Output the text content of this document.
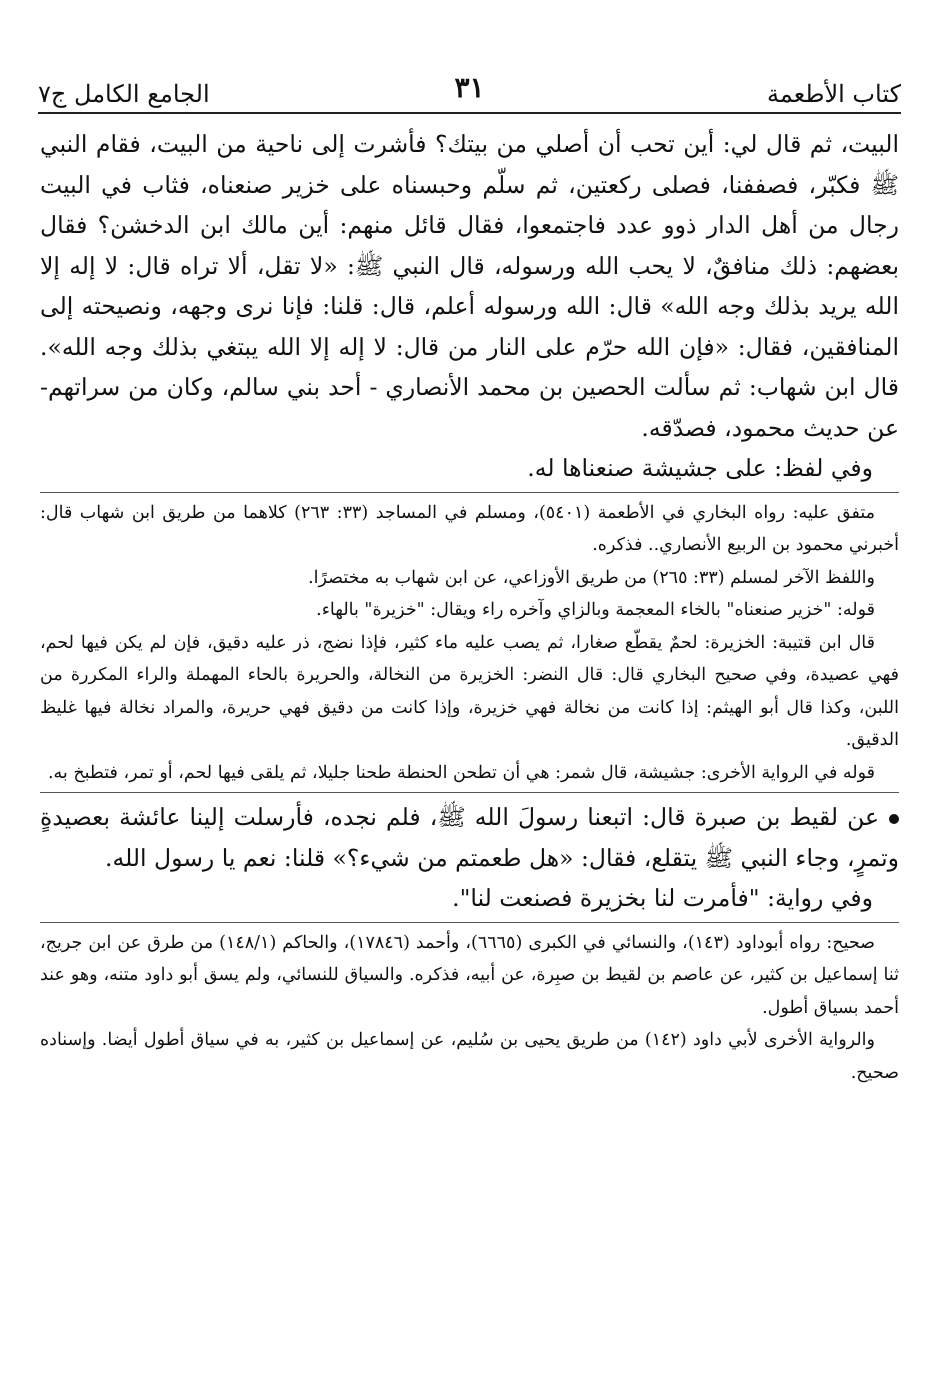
كتاب الأطعمة
٣١
الجامع الكامل ج٧

البيت، ثم قال لي: أين تحب أن أصلي من بيتك؟ فأشرت إلى ناحية من البيت، فقام النبي ﷺ فكبّر، فصففنا، فصلى ركعتين، ثم سلّم وحبسناه على خزير صنعناه، فثاب في البيت رجال من أهل الدار ذوو عدد فاجتمعوا، فقال قائل منهم: أين مالك ابن الدخشن؟ فقال بعضهم: ذلك منافقٌ، لا يحب الله ورسوله، قال النبي ﷺ: «لا تقل، ألا تراه قال: لا إله إلا الله يريد بذلك وجه الله» قال: الله ورسوله أعلم، قال: قلنا: فإنا نرى وجهه، ونصيحته إلى المنافقين، فقال: «فإن الله حرّم على النار من قال: لا إله إلا الله يبتغي بذلك وجه الله». قال ابن شهاب: ثم سألت الحصين بن محمد الأنصاري - أحد بني سالم، وكان من سراتهم- عن حديث محمود، فصدّقه.

وفي لفظ: على جشيشة صنعناها له.

متفق عليه: رواه البخاري في الأطعمة (٥٤٠١)، ومسلم في المساجد (٣٣: ٢٦٣) كلاهما من طريق ابن شهاب قال: أخبرني محمود بن الربيع الأنصاري.. فذكره.

واللفظ الآخر لمسلم (٣٣: ٢٦٥) من طريق الأوزاعي، عن ابن شهاب به مختصرًا.

قوله: "خزير صنعناه" بالخاء المعجمة وبالزاي وآخره راء ويقال: "خزيرة" بالهاء.

قال ابن قتيبة: الخزيرة: لحمٌ يقطّع صغارا، ثم يصب عليه ماء كثير، فإذا نضج، ذر عليه دقيق، فإن لم يكن فيها لحم، فهي عصيدة، وفي صحيح البخاري قال: قال النضر: الخزيرة من النخالة، والحريرة بالحاء المهملة والراء المكررة من اللبن، وكذا قال أبو الهيثم: إذا كانت من نخالة فهي خزيرة، وإذا كانت من دقيق فهي حريرة، والمراد نخالة فيها غليظ الدقيق.

قوله في الرواية الأخرى: جشيشة، قال شمر: هي أن تطحن الحنطة طحنا جليلا، ثم يلقى فيها لحم، أو تمر، فتطبخ به.

عن لقيط بن صبرة قال: اتبعنا رسولَ الله ﷺ، فلم نجده، فأرسلت إلينا عائشة بعصيدةٍ وتمرٍ، وجاء النبي ﷺ يتقلع، فقال: «هل طعمتم من شيء؟» قلنا: نعم يا رسول الله.

وفي رواية: "فأمرت لنا بخزيرة فصنعت لنا".

صحيح: رواه أبوداود (١٤٣)، والنسائي في الكبرى (٦٦٦٥)، وأحمد (١٧٨٤٦)، والحاكم (١٤٨/١) من طرق عن ابن جريج، ثنا إسماعيل بن كثير، عن عاصم بن لقيط بن صبِرة، عن أبيه، فذكره. والسياق للنسائي، ولم يسق أبو داود متنه، وهو عند أحمد بسياق أطول.

والرواية الأخرى لأبي داود (١٤٢) من طريق يحيى بن سُليم، عن إسماعيل بن كثير، به في سياق أطول أيضا. وإسناده صحيح.
